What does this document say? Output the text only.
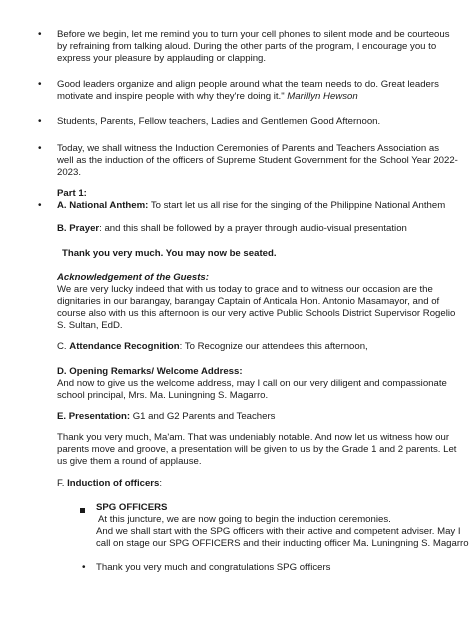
• Before we begin, let me remind you to turn your cell phones to silent mode and be courteous
by refraining from talking aloud. During the other parts of the program, I encourage you to
express your pleasure by applauding or clapping.
• Good leaders organize and align people around what the team needs to do. Great leaders
motivate and inspire people with why they're doing it." Marillyn Hewson
• Students, Parents, Fellow teachers, Ladies and Gentlemen Good Afternoon.
• Today, we shall witness the Induction Ceremonies of Parents and Teachers Association as
well as the induction of the officers of Supreme Student Government for the School Year 2022-
2023.
Part 1:
• A. National Anthem: To start let us all rise for the singing of the Philippine National Anthem
B. Prayer: and this shall be followed by a prayer through audio-visual presentation
Thank you very much. You may now be seated.
Acknowledgement of the Guests:
We are very lucky indeed that with us today to grace and to witness our occasion are the
dignitaries in our barangay, barangay Captain of Anticala Hon. Antonio Masamayor, and of
course also with us this afternoon is our very active Public Schools District Supervisor Rogelio
S. Sultan, EdD.
C. Attendance Recognition: To Recognize our attendees this afternoon,
D. Opening Remarks/ Welcome Address:
And now to give us the welcome address, may I call on our very diligent and compassionate
school principal, Mrs. Ma. Luningning S. Magarro.
E. Presentation: G1 and G2 Parents and Teachers
Thank you very much, Ma'am. That was undeniably notable. And now let us witness how our
parents move and groove, a presentation will be given to us by the Grade 1 and 2 parents. Let
us give them a round of applause.
F. Induction of officers:
SPG OFFICERS
At this juncture, we are now going to begin the induction ceremonies.
And we shall start with the SPG officers with their active and competent adviser. May I
call on stage our SPG OFFICERS and their inducting officer Ma. Luningning S. Magarro
• Thank you very much and congratulations SPG officers
